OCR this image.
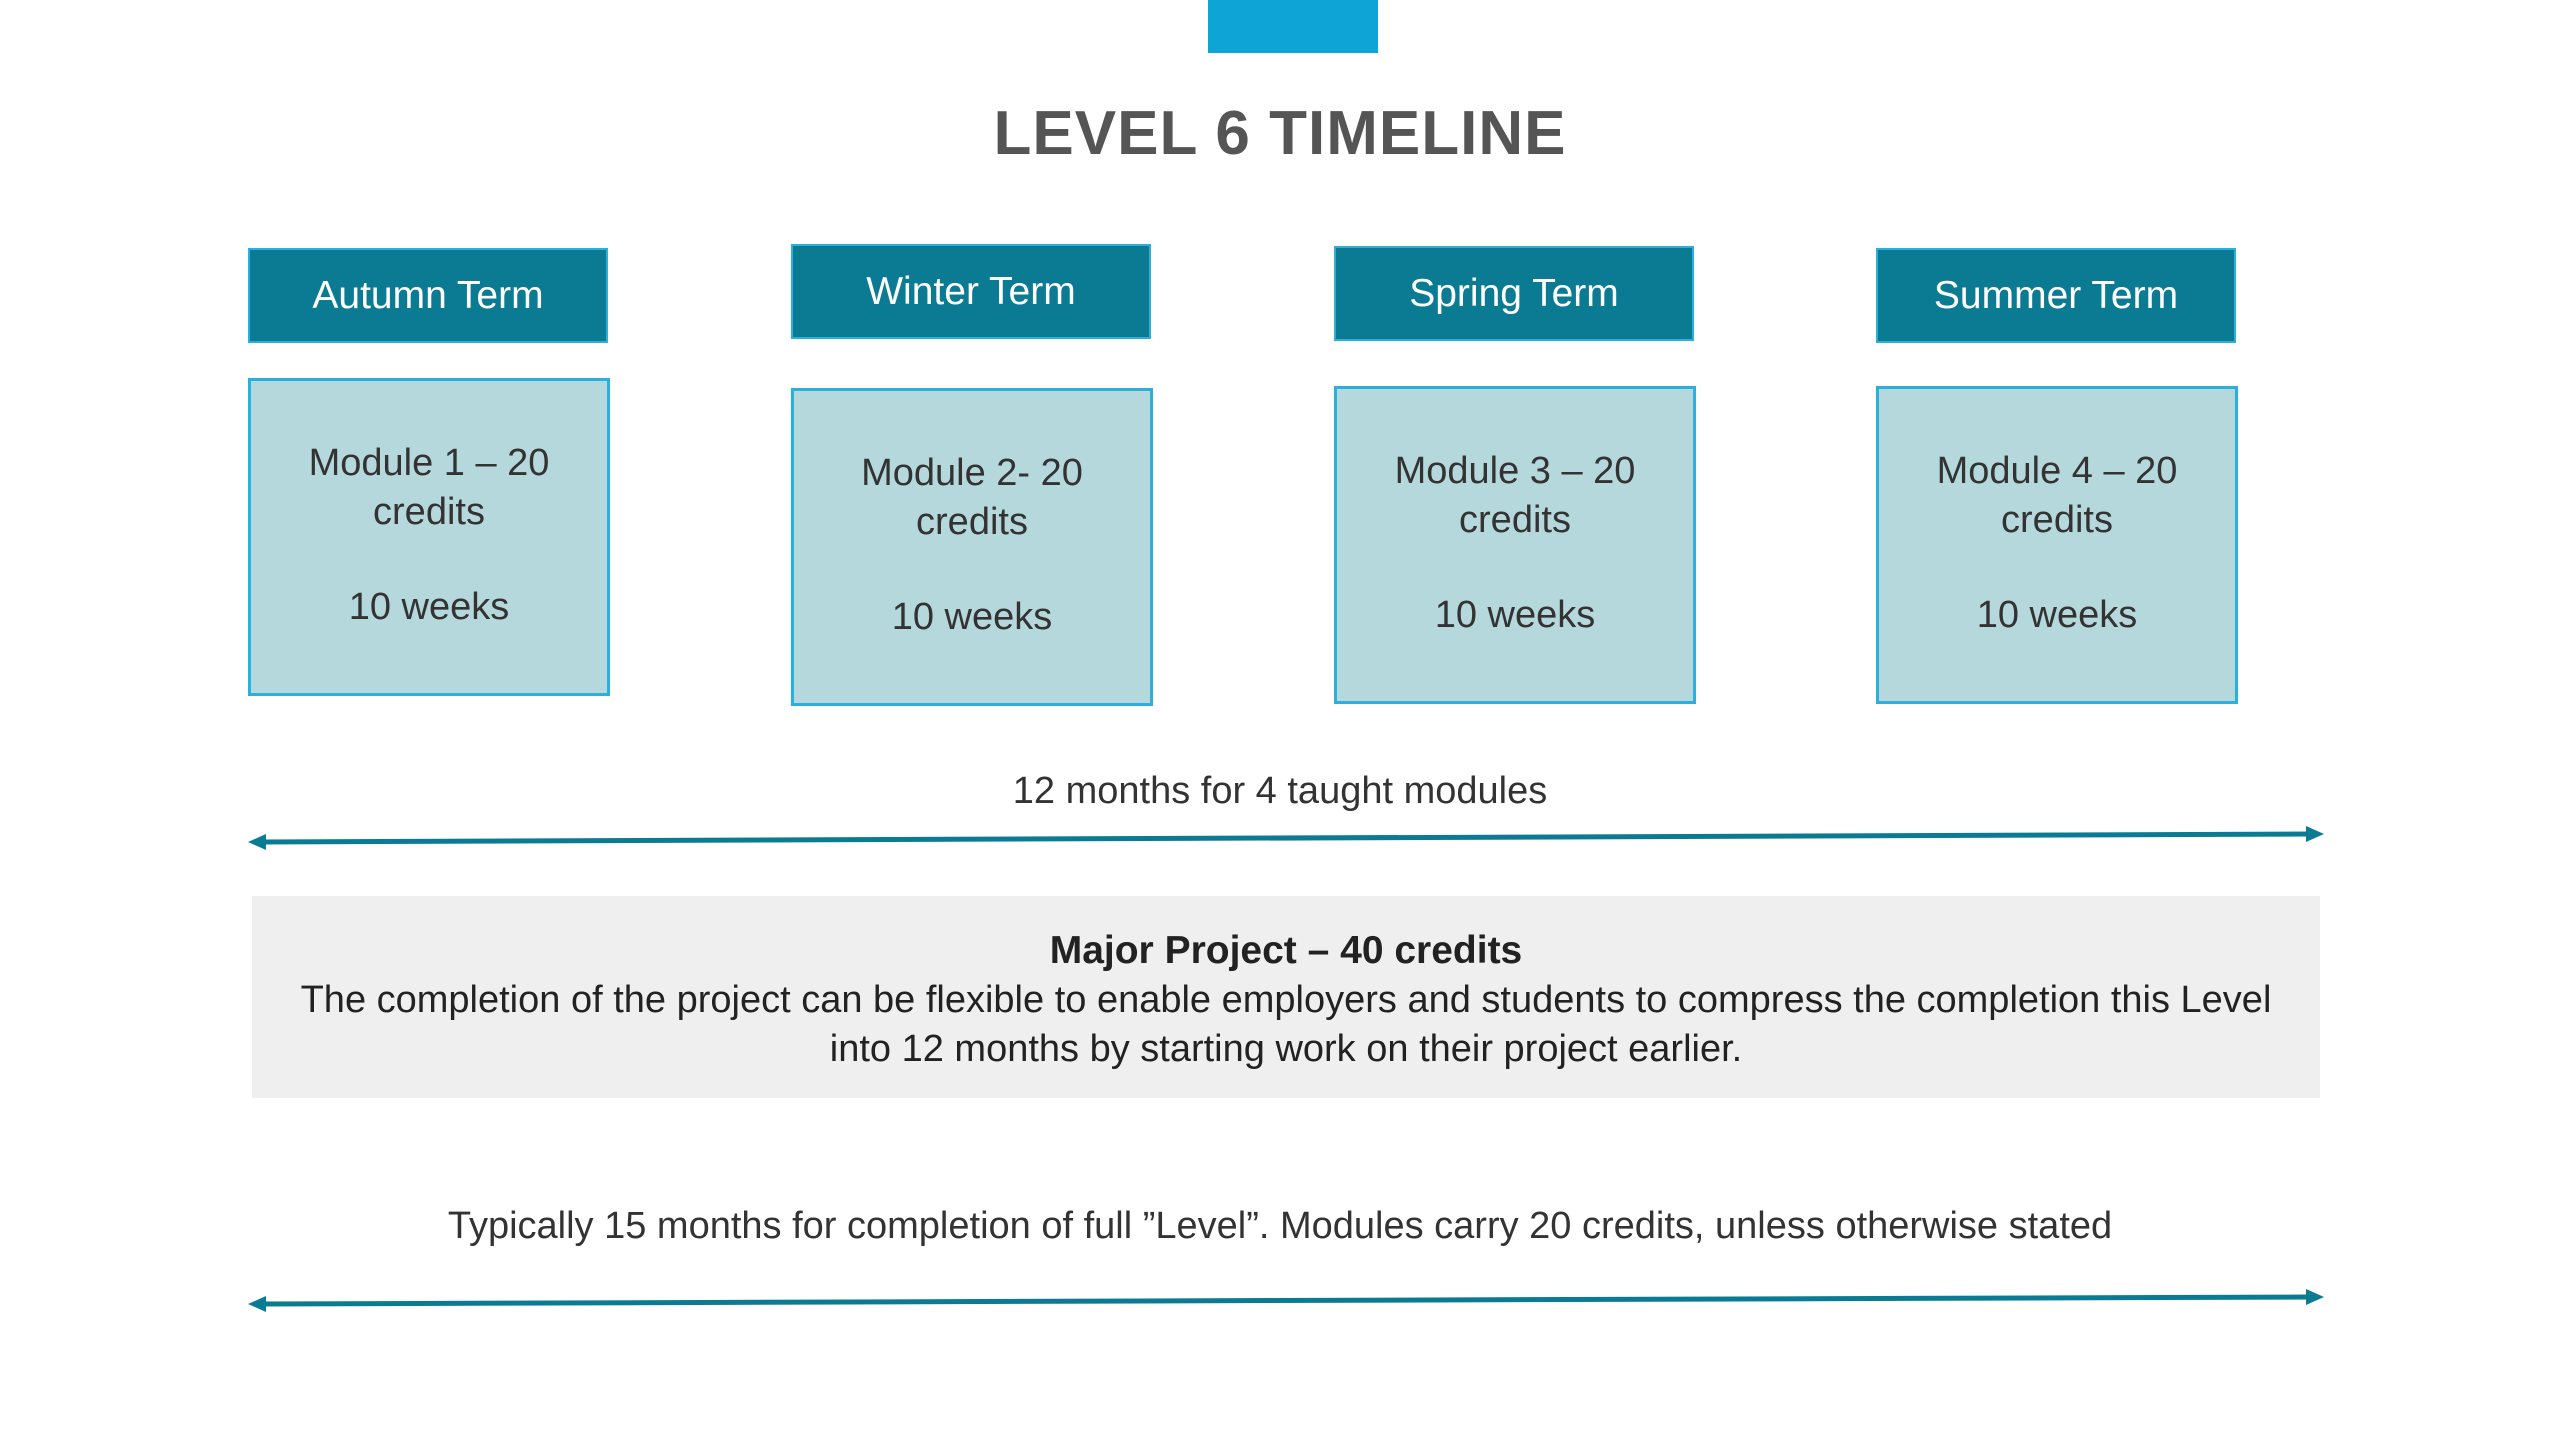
LEVEL 6 TIMELINE
Autumn Term
Module 1 – 20 credits
10 weeks
Winter Term
Module 2- 20 credits
10 weeks
Spring Term
Module 3 – 20 credits
10 weeks
Summer Term
Module 4 – 20 credits
10 weeks
12 months for 4 taught modules
Major Project – 40 credits
The completion of the project can be flexible to enable employers and students to compress the completion this Level into 12 months by starting work on their project earlier.
Typically 15 months for completion of full ”Level”. Modules carry 20 credits, unless otherwise stated
